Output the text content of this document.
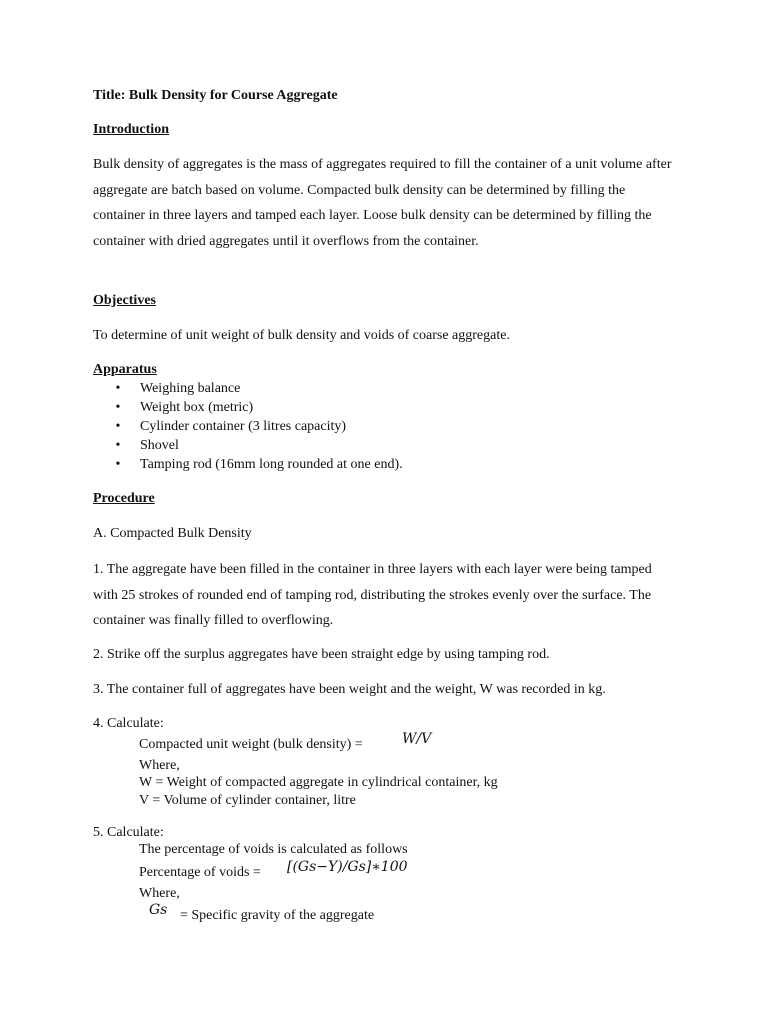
Title: Bulk Density for Course Aggregate
Introduction
Bulk density of aggregates is the mass of aggregates required to fill the container of a unit volume after aggregate are batch based on volume. Compacted bulk density can be determined by filling the container in three layers and tamped each layer. Loose bulk density can be determined by filling the container with dried aggregates until it overflows from the container.
Objectives
To determine of unit weight of bulk density and voids of coarse aggregate.
Apparatus
• Weighing balance
• Weight box (metric)
• Cylinder container (3 litres capacity)
• Shovel
• Tamping rod (16mm long rounded at one end).
Procedure
A. Compacted Bulk Density
1. The aggregate have been filled in the container in three layers with each layer were being tamped with 25 strokes of rounded end of tamping rod, distributing the strokes evenly over the surface. The container was finally filled to overflowing.
2. Strike off the surplus aggregates have been straight edge by using tamping rod.
3. The container full of aggregates have been weight and the weight, W was recorded in kg.
4. Calculate:
Compacted unit weight (bulk density) =	W/V
Where,
W = Weight of compacted aggregate in cylindrical container, kg
V = Volume of cylinder container, litre
5. Calculate:
The percentage of voids is calculated as follows
Percentage of voids = [(Gs−Y)/Gs]∗100
Where,
Gs = Specific gravity of the aggregate
